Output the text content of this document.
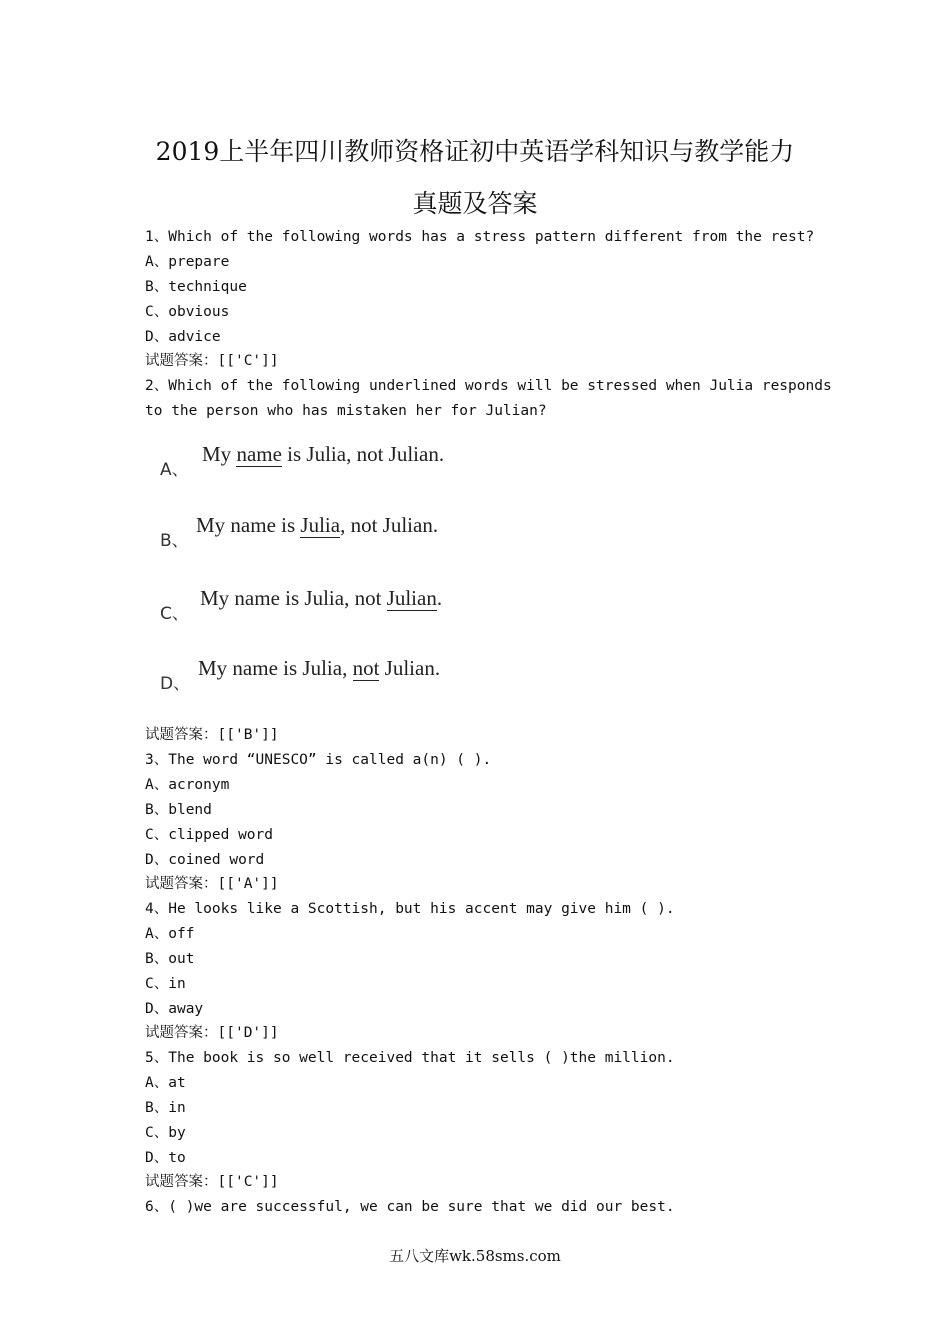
2019上半年四川教师资格证初中英语学科知识与教学能力
真题及答案
1、Which of the following words has a stress pattern different from the rest?
A、prepare
B、technique
C、obvious
D、advice
试题答案：[['C']]
2、Which of the following underlined words will be stressed when Julia responds
to the person who has mistaken her for Julian?
A、
My name is Julia, not Julian.
B、
My name is Julia, not Julian.
C、
My name is Julia, not Julian.
D、
My name is Julia, not Julian.
试题答案：[['B']]
3、The word “UNESCO” is called a(n) ( ).
A、acronym
B、blend
C、clipped word
D、coined word
试题答案：[['A']]
4、He looks like a Scottish, but his accent may give him ( ).
A、off
B、out
C、in
D、away
试题答案：[['D']]
5、The book is so well received that it sells ( )the million.
A、at
B、in
C、by
D、to
试题答案：[['C']]
6、( )we are successful, we can be sure that we did our best.
五八文库wk.58sms.com
